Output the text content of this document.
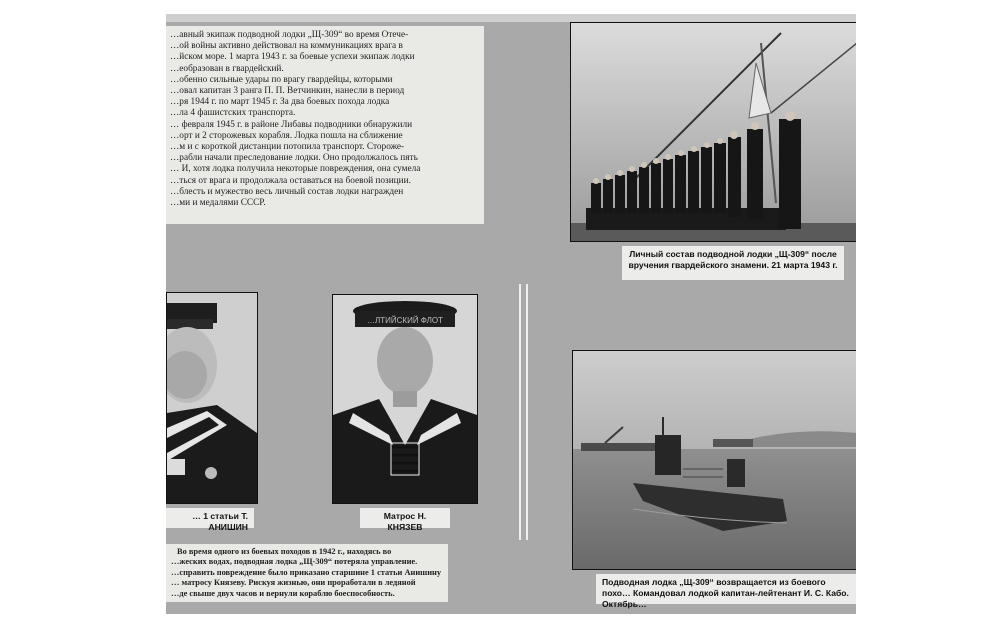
…авный экипаж подводной лодки „Щ-309“ во время Отече-

…ой войны активно действовал на коммуникациях врага в

…йском море. 1 марта 1943 г. за боевые успехи экипаж лодки

…еобразован в гвардейский.

…обенно сильные удары по врагу гвардейцы, которыми

…овал капитан 3 ранга П. П. Ветчинкин, нанесли в период

…ря 1944 г. по март 1945 г. За два боевых похода лодка

…ла 4 фашистских транспорта.

… февраля 1945 г. в районе Либавы подводники обнаружили

…орт и 2 сторожевых корабля. Лодка пошла на сближение

…м и с короткой дистанции потопила транспорт. Стороже-

…рабли начали преследование лодки. Оно продолжалось пять

… И, хотя лодка получила некоторые повреждения, она сумела

…ться от врага и продолжала оставаться на боевой позиции.

…блесть и мужество весь личный состав лодки награжден

…ми и медалями СССР.

Личный состав подводной лодки „Щ-309“ после вручения гвардейского знамени. 21 марта 1943 г.
… 1 статьи Т. АНИШИН
…ЛТИЙСКИЙ ФЛОТ
Матрос Н. КНЯЗЕВ
Подводная лодка „Щ-309“ возвращается из боевого похо… Командовал лодкой капитан-лейтенант И. С. Кабо. Октябрь…
Во время одного из боевых походов в 1942 г., находясь во
…жеских водах, подводная лодка „Щ-309“ потеряла управление.
…справить повреждение было приказано старшине 1 статьи Анишину
… матросу Князеву. Рискуя жизнью, они проработали в ледяной
…де свыше двух часов и вернули кораблю боеспособность.
